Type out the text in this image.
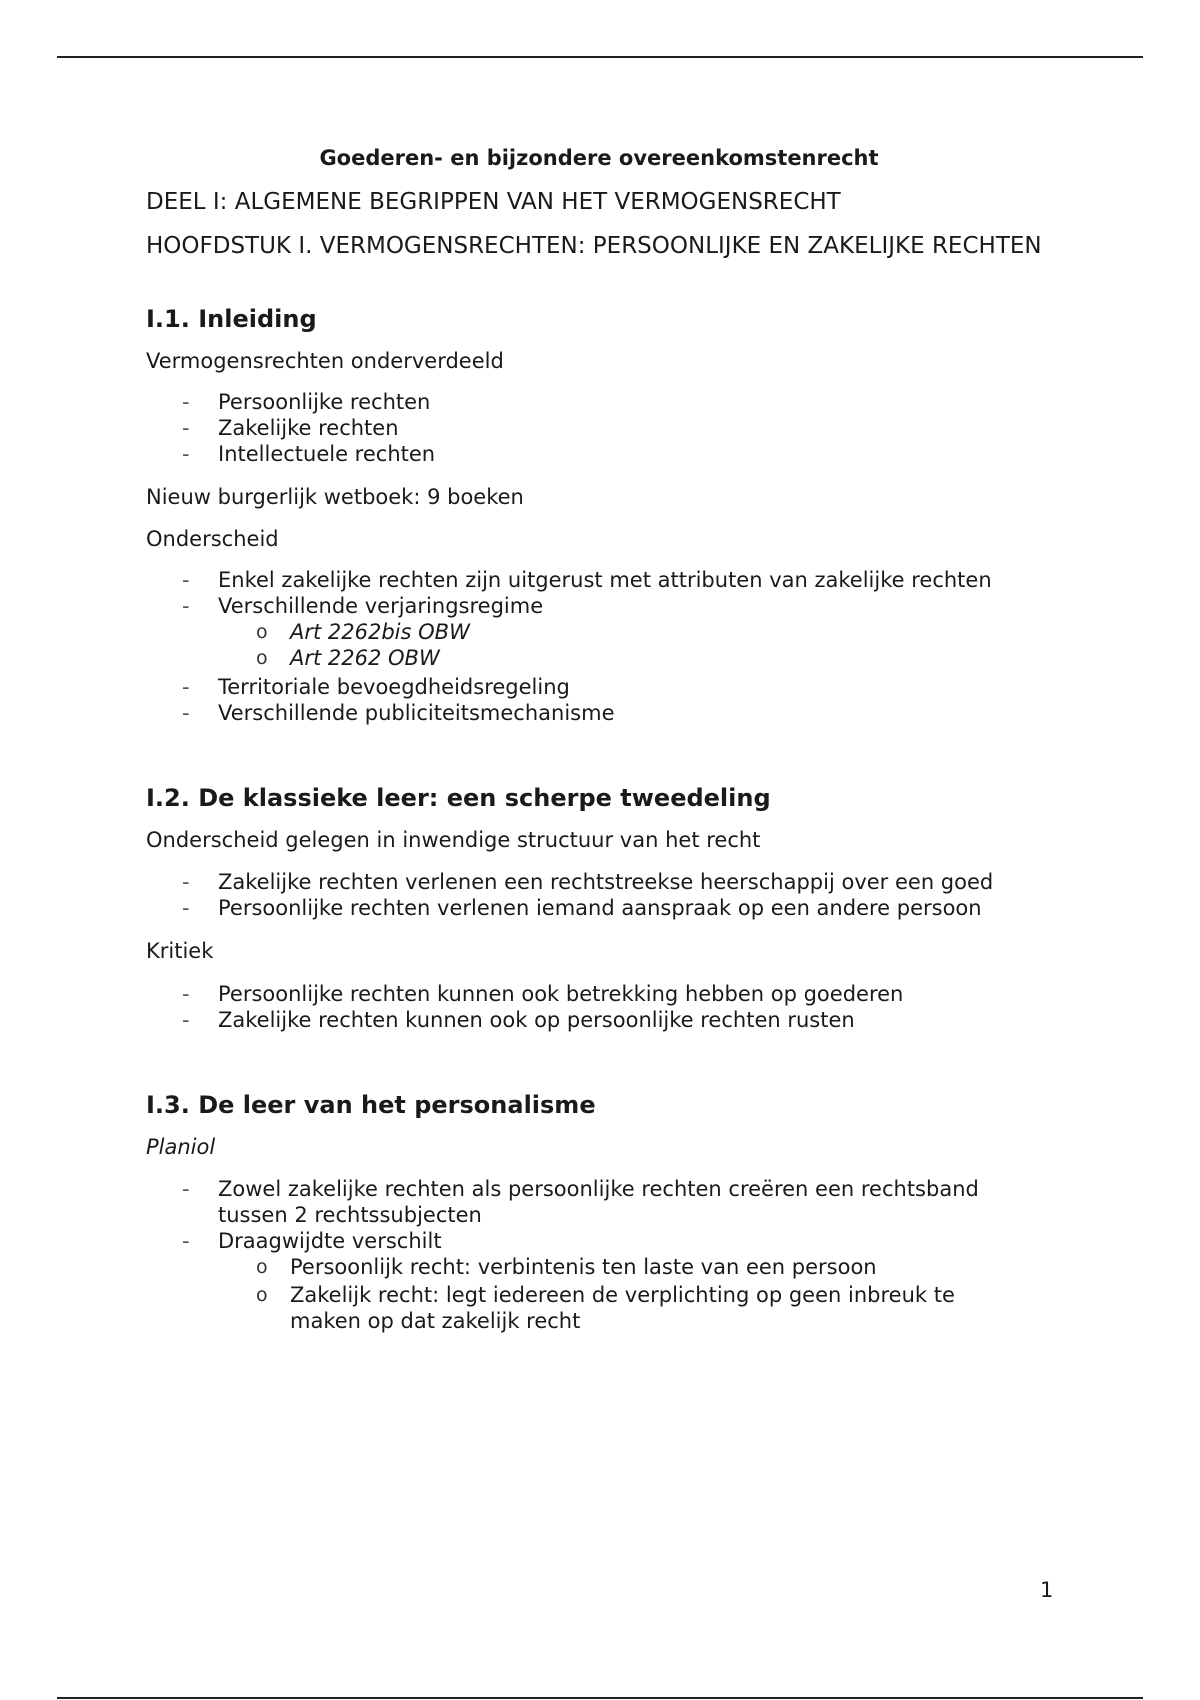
Goederen- en bijzondere overeenkomstenrecht

DEEL I: ALGEMENE BEGRIPPEN VAN HET VERMOGENSRECHT

HOOFDSTUK I. VERMOGENSRECHTEN: PERSOONLIJKE EN ZAKELIJKE RECHTEN

I.1. Inleiding

Vermogensrechten onderverdeeld

- Persoonlijke rechten
- Zakelijke rechten
- Intellectuele rechten

Nieuw burgerlijk wetboek: 9 boeken

Onderscheid

- Enkel zakelijke rechten zijn uitgerust met attributen van zakelijke rechten
- Verschillende verjaringsregime
o Art 2262bis OBW
o Art 2262 OBW
- Territoriale bevoegdheidsregeling
- Verschillende publiciteitsmechanisme

I.2. De klassieke leer: een scherpe tweedeling

Onderscheid gelegen in inwendige structuur van het recht

- Zakelijke rechten verlenen een rechtstreekse heerschappij over een goed
- Persoonlijke rechten verlenen iemand aanspraak op een andere persoon

Kritiek

- Persoonlijke rechten kunnen ook betrekking hebben op goederen
- Zakelijke rechten kunnen ook op persoonlijke rechten rusten

I.3. De leer van het personalisme

Planiol

- Zowel zakelijke rechten als persoonlijke rechten creëren een rechtsband tussen 2 rechtssubjecten
- Draagwijdte verschilt
o Persoonlijk recht: verbintenis ten laste van een persoon
o Zakelijk recht: legt iedereen de verplichting op geen inbreuk te maken op dat zakelijk recht
1
